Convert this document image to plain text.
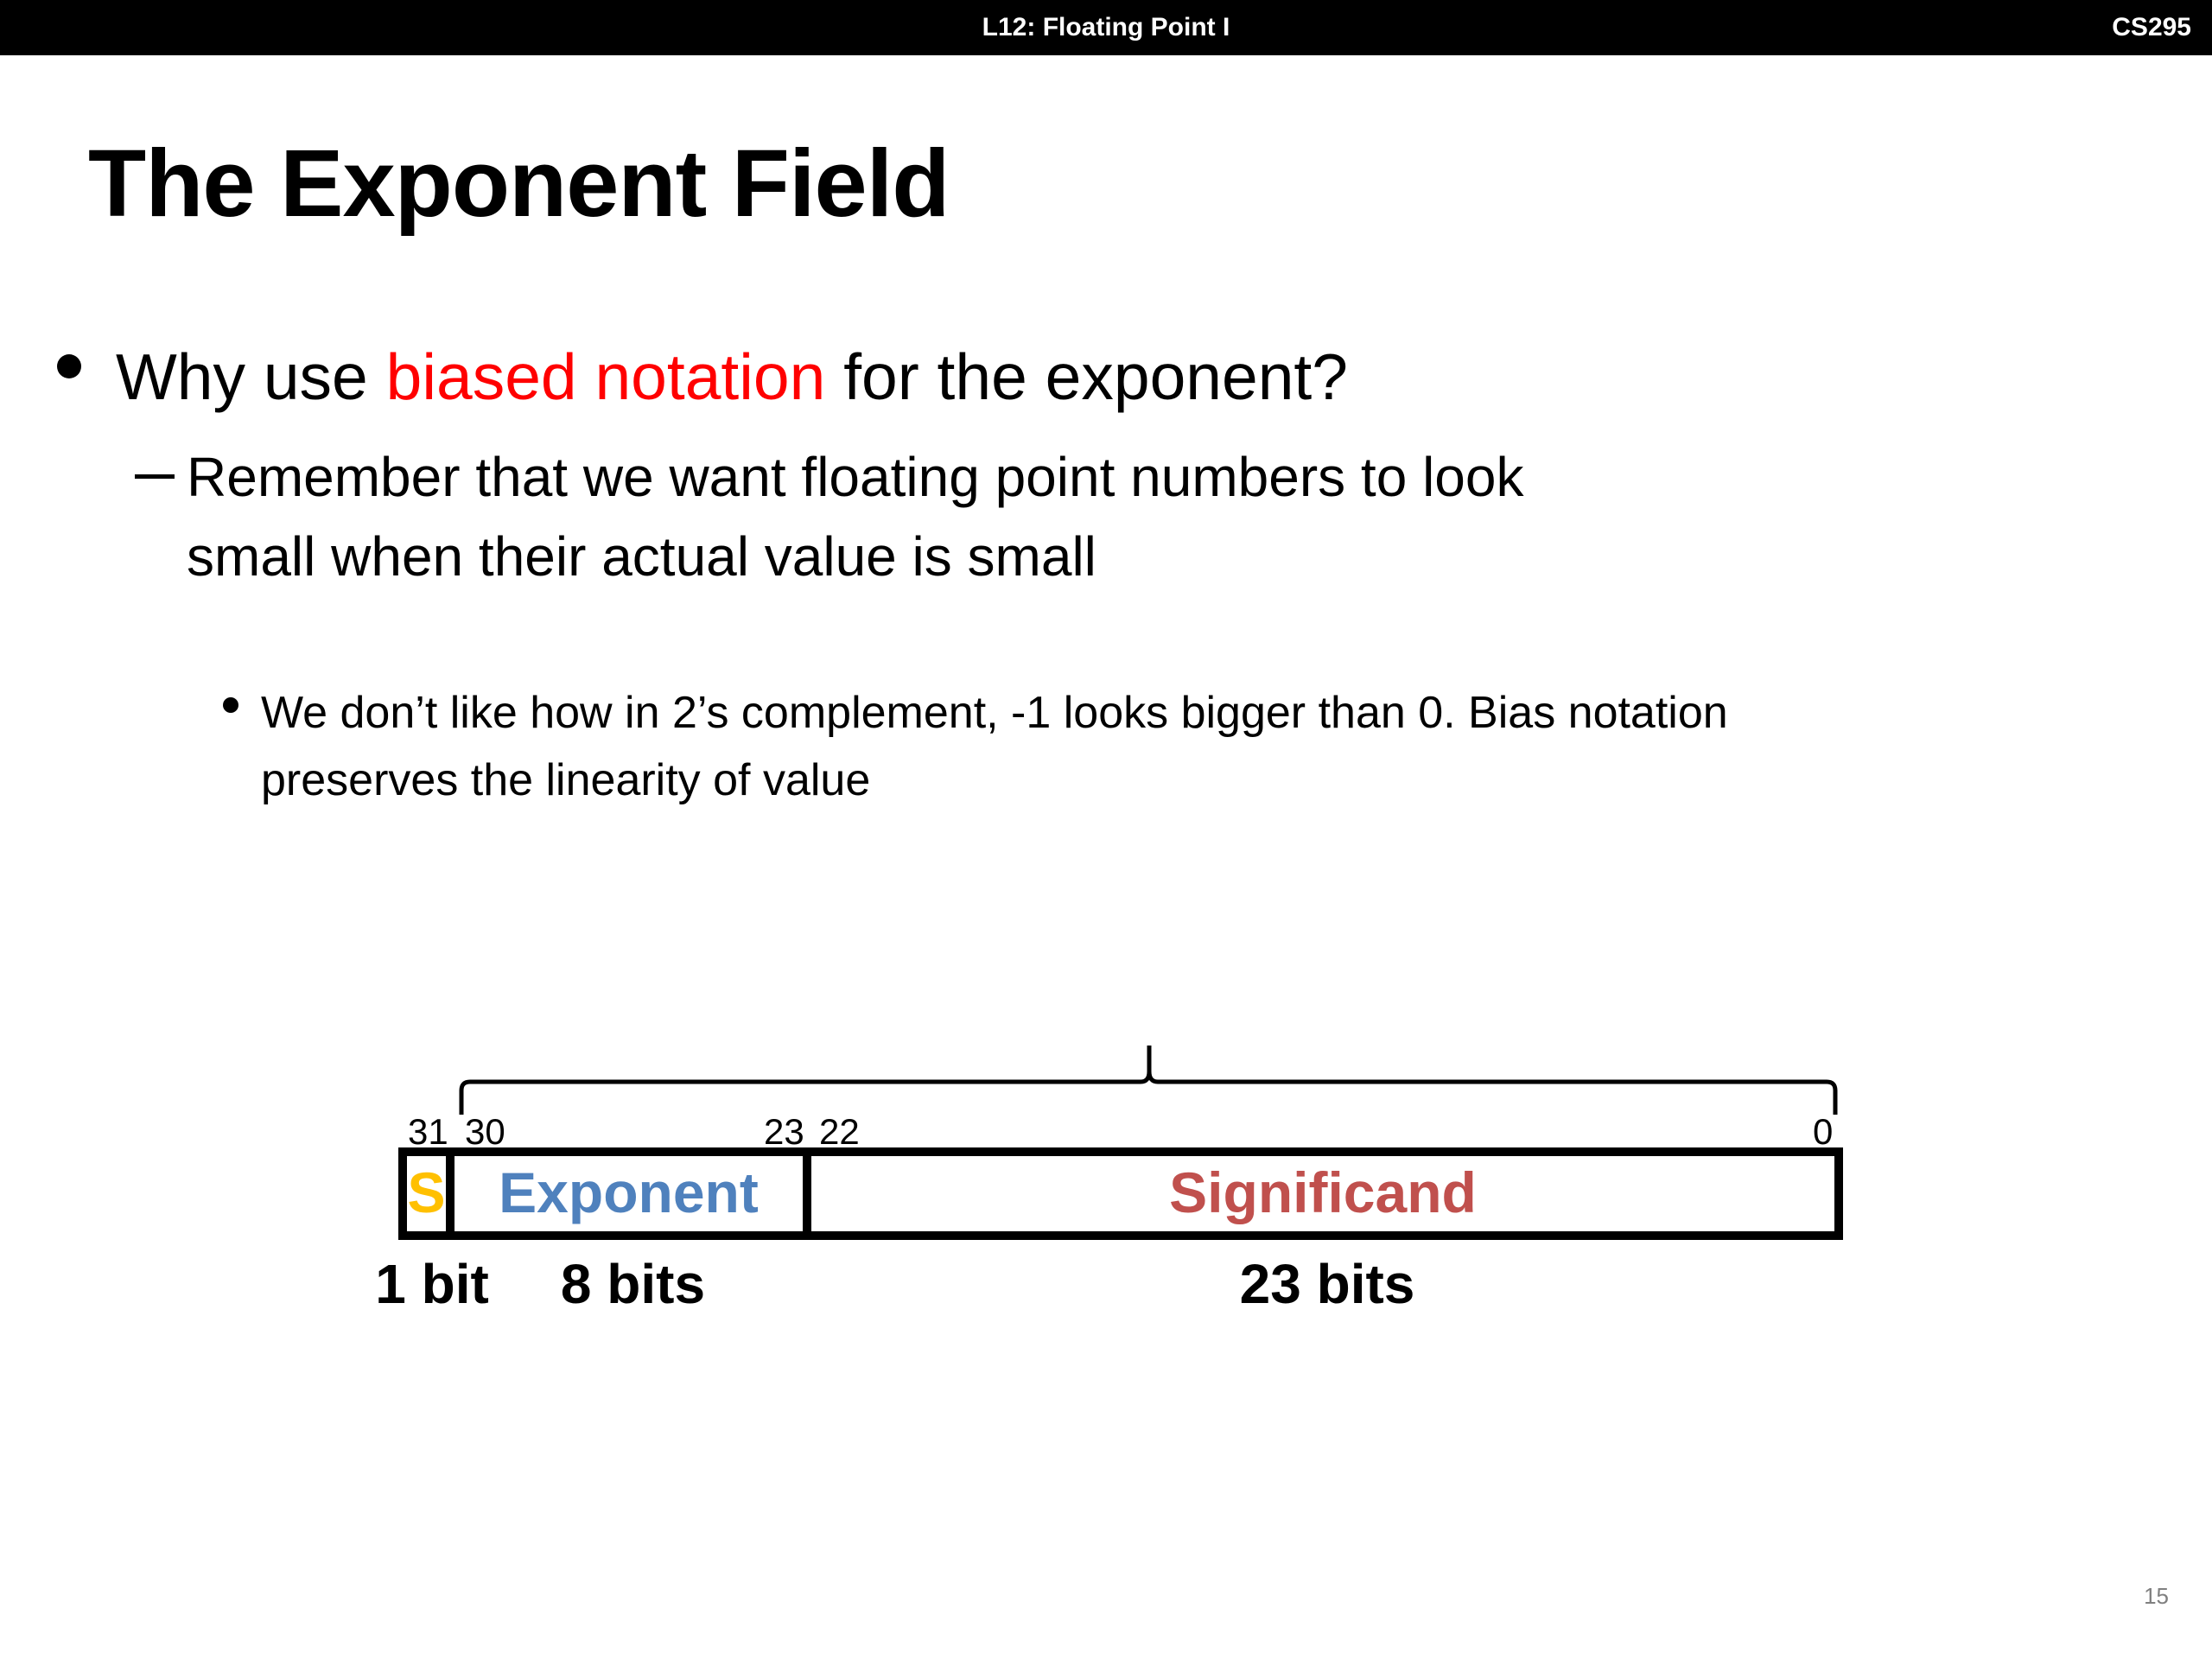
L12: Floating Point I	CS295
The Exponent Field
Why use biased notation for the exponent?
Remember that we want floating point numbers to look small when their actual value is small
We don’t like how in 2’s complement, -1 looks bigger than 0. Bias notation preserves the linearity of value
31 30	23 22	0
S Exponent	Significand
1 bit	8 bits	23 bits
15
